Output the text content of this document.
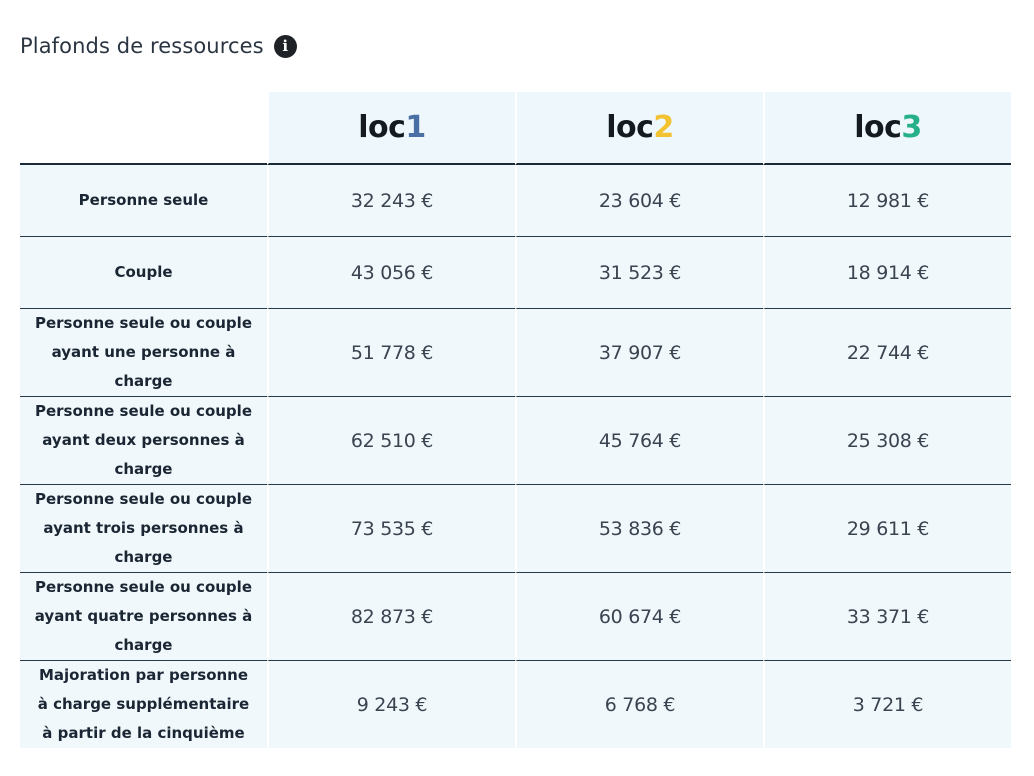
Plafonds de ressources	i
	loc1	loc2	loc3
Personne seule	32 243 €	23 604 €	12 981 €
Couple	43 056 €	31 523 €	18 914 €
Personne seule ou couple ayant une personne à charge	51 778 €	37 907 €	22 744 €
Personne seule ou couple ayant deux personnes à charge	62 510 €	45 764 €	25 308 €
Personne seule ou couple ayant trois personnes à charge	73 535 €	53 836 €	29 611 €
Personne seule ou couple ayant quatre personnes à charge	82 873 €	60 674 €	33 371 €
Majoration par personne à charge supplémentaire à partir de la cinquième	9 243 €	6 768 €	3 721 €
